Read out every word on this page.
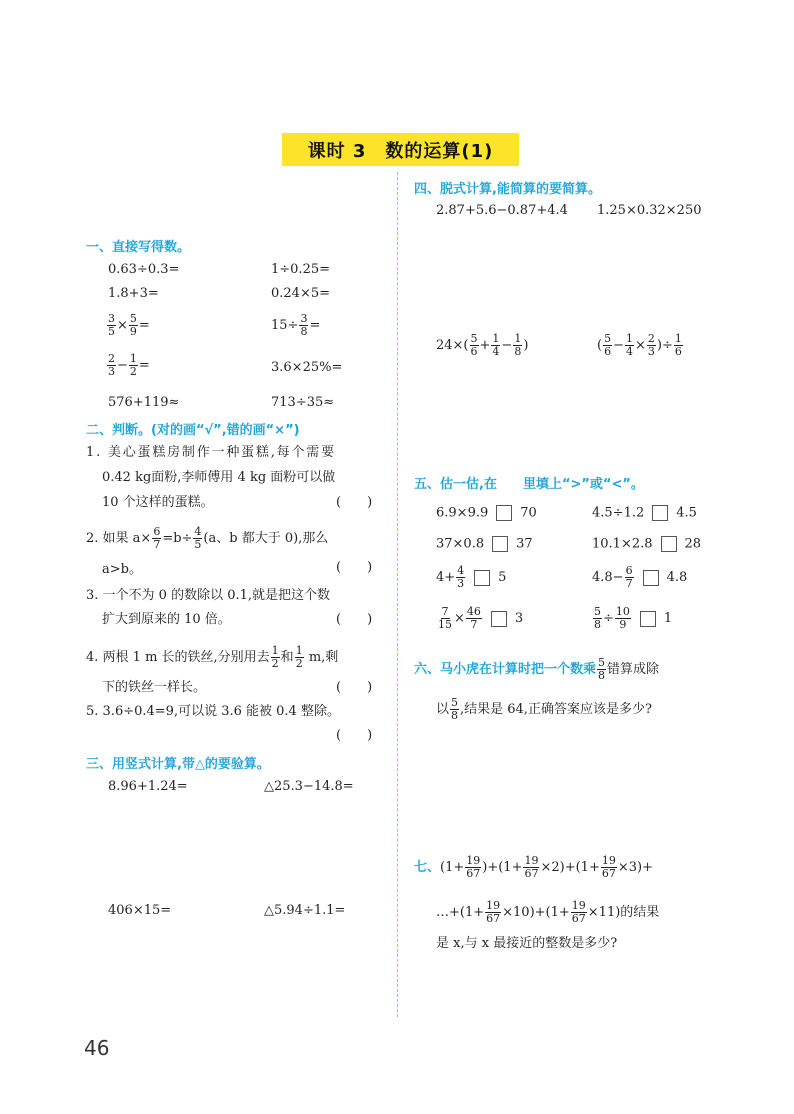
课时 3　数的运算(1)
一、直接写得数。
0.63÷0.3=	1÷0.25=
1.8+3=	0.24×5=
$\frac{3}{5} \times \frac{5}{9}$ =	$15\div \frac{3}{8}$ =
$\frac{2}{3} - \frac{1}{2}$ =	3.6×25%=
576+119≈	713÷35≈
二、判断。(对的画“√”,错的画“×”)
1. 美心蛋糕房制作一种蛋糕,每个需要
0.42 kg面粉,李师傅用 4 kg 面粉可以做
10 个这样的蛋糕。	(　　)
2. 如果 $a\times \frac{6}{7} =b\div \frac{4}{5} (a$、b 都大于 0),那么
a>b。	(　　)
3. 一个不为 0 的数除以 0.1,就是把这个数
扩大到原来的 10 倍。	(　　)
4. 两根 1 m 长的铁丝,分别用去 $\frac{1}{2}$ 和 $\frac{1}{2} m$,剩
下的铁丝一样长。	(　　)
5. 3.6÷0.4=9,可以说 3.6 能被 0.4 整除。
(　　)
三、用竖式计算,带△的要验算。
8.96+1.24=	△25.3−14.8=
406×15=	△5.94÷1.1=
四、脱式计算,能简算的要简算。
2.87+5.6−0.87+4.4 1.25×0.32×250
$24\times( \frac{5}{6} + \frac{1}{4} - \frac{1}{8}$ )	( $\frac{5}{6} - \frac{1}{4} \times \frac{2}{3}$ )÷ $\frac{1}{6}$
五、估一估,在　　里填上“>”或“<”。
6.9×9.9 70	4.5÷1.2 4.5
37×0.8 37	10.1×2.8 28
$4+ \frac{4}{3}$	5	$4.8- \frac{6}{7}$	4.8
$\frac{7}{15} \times \frac{46}{7}$	3	$\frac{5}{8} \div \frac{10}{9}$	1
六、马小虎在计算时把一个数乘 $\frac{5}{8}$ 错算成除
以 $\frac{5}{8}$ ,结果是 64,正确答案应该是多少?
七、$(1+ \frac{19}{67} )+(1+ \frac{19}{67} \times 2)+(1+ \frac{19}{67} \times 3)+$
…+(1+ $\frac{19}{67} \times 10)+(1+ \frac{19}{67} \times 11)$的结果
是 x,与 x 最接近的整数是多少?
46
